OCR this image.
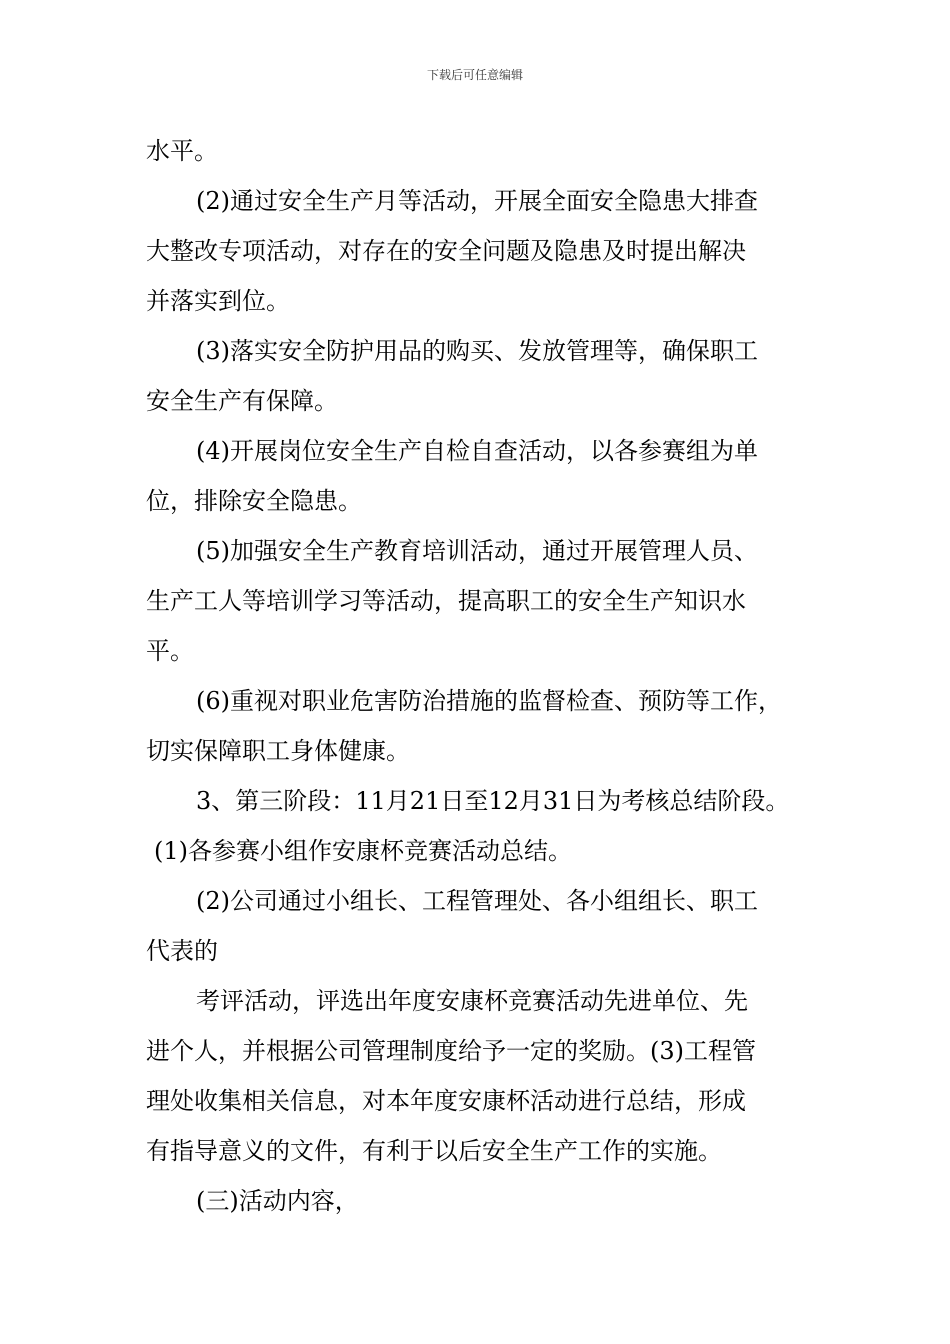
下载后可任意编辑
水平。
(2)通过安全生产月等活动，开展全面安全隐患大排查
大整改专项活动，对存在的安全问题及隐患及时提出解决
并落实到位。
(3)落实安全防护用品的购买、发放管理等，确保职工
安全生产有保障。
(4)开展岗位安全生产自检自查活动，以各参赛组为单
位，排除安全隐患。
(5)加强安全生产教育培训活动，通过开展管理人员、
生产工人等培训学习等活动，提高职工的安全生产知识水
平。
(6)重视对职业危害防治措施的监督检查、预防等工作，
切实保障职工身体健康。
3、第三阶段：11月21日至12月31日为考核总结阶段。
(1)各参赛小组作安康杯竞赛活动总结。
(2)公司通过小组长、工程管理处、各小组组长、职工
代表的
考评活动，评选出年度安康杯竞赛活动先进单位、先
进个人，并根据公司管理制度给予一定的奖励。(3)工程管
理处收集相关信息，对本年度安康杯活动进行总结，形成
有指导意义的文件，有利于以后安全生产工作的实施。
(三)活动内容，
